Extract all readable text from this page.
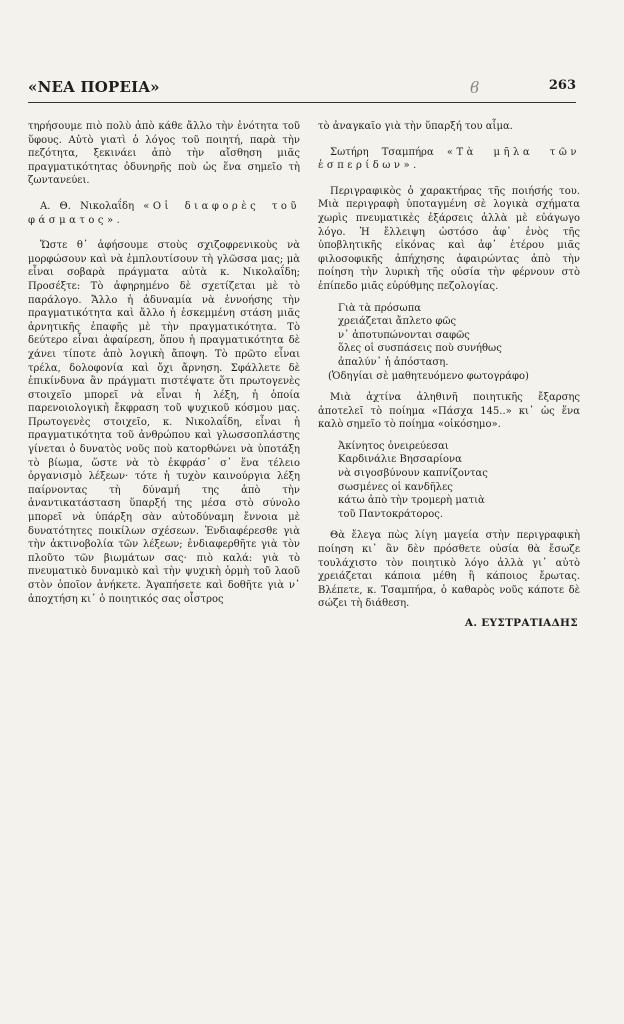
«ΝΕΑ ΠΟΡΕΙΑ»	ϐ	263

τηρήσουμε πιὸ πολὺ ἀπὸ κάθε ἄλλο τὴν ἑνότητα τοῦ ὕφους. Αὐτὸ γιατὶ ὁ λόγος τοῦ ποιητή, παρὰ τὴν πεζότητα, ξεκινάει ἀπὸ τὴν αἴσθηση μιᾶς πραγματικότητας ὀδυνηρῆς ποὺ ὡς ἕνα σημεῖο τὴ ζωντανεύει.

Α. Θ. Νικολαΐδη «Οἱ διαφορὲς τοῦ φάσματος».

Ὥστε θ᾽ ἀφήσουμε στοὺς σχιζοφρενικοὺς νὰ μορφώσουν καὶ νὰ ἐμπλουτίσουν τὴ γλῶσσα μας; μὰ εἶναι σοβαρὰ πράγματα αὐτὰ κ. Νικολαΐδη; Προσέξτε: Τὸ ἀφηρημένο δὲ σχετίζεται μὲ τὸ παράλογο. Ἄλλο ἡ ἀδυναμία νὰ ἐννοήσης τὴν πραγματικότητα καὶ ἄλλο ἡ ἐσκεμμένη στάση μιᾶς ἀρνητικῆς ἐπαφῆς μὲ τὴν πραγματικότητα. Τὸ δεύτερο εἶναι ἀφαίρεση, ὅπου ἡ πραγματικότητα δὲ χάνει τίποτε ἀπὸ λογικὴ ἄποψη. Τὸ πρῶτο εἶναι τρέλα, δολοφονία καὶ ὄχι ἄρνηση. Σφάλλετε δὲ ἐπικίνδυνα ἂν πράγματι πιστέψατε ὅτι πρωτογενὲς στοιχεῖο μπορεῖ νὰ εἶναι ἡ λέξη, ἡ ὁποία παρενοιολογικὴ ἔκφραση τοῦ ψυχικοῦ κόσμου μας. Πρωτογενὲς στοιχεῖο, κ. Νικολαΐδη, εἶναι ἡ πραγματικότητα τοῦ ἀνθρώπου καὶ γλωσσοπλάστης γίνεται ὁ δυνατὸς νοῦς ποὺ κατορθώνει νὰ ὑποτάξη τὸ βίωμα, ὥστε νὰ τὸ ἐκφράσ᾽ σ᾽ ἕνα τέλειο ὀργανισμὸ λέξεων· τότε ἡ τυχὸν καινούργια λέξη παίρνοντας τὴ δύναμή της ἀπὸ τὴν ἀναντικατάσταση ὕπαρξή της μέσα στὸ σύνολο μπορεῖ νὰ ὑπάρξη σὰν αὐτοδύναμη ἔννοια μὲ δυνατότητες ποικίλων σχέσεων. Ἐνδιαφέρεσθε γιὰ τὴν ἀκτινοβολία τῶν λέξεων; ἐνδιαφερθῆτε γιὰ τὸν πλοῦτο τῶν βιωμάτων σας· πιὸ καλά: γιὰ τὸ πνευματικὸ δυναμικὸ καὶ τὴν ψυχικὴ ὁρμὴ τοῦ λαοῦ στὸν ὁποῖον ἀνήκετε. Ἀγαπήσετε καὶ δοθῆτε γιὰ ν᾽ ἀποχτήση κι᾽ ὁ ποιητικός σας οἶστρος

τὸ ἀναγκαῖο γιὰ τὴν ὕπαρξή του αἷμα.

Σωτήρη Τσαμπήρα «Τὰ μῆλα τῶν ἑσπερίδων».

Περιγραφικὸς ὁ χαρακτήρας τῆς ποιήσής του. Μιὰ περιγραφὴ ὑποταγμένη σὲ λογικὰ σχήματα χωρὶς πνευματικὲς ἐξάρσεις ἀλλὰ μὲ εὐάγωγο λόγο. Ἡ ἔλλειψη ὡστόσο ἀφ᾽ ἑνὸς τῆς ὑποβλητικῆς εἰκόνας καὶ ἀφ᾽ ἑτέρου μιᾶς φιλοσοφικῆς ἀπήχησης ἀφαιρώντας ἀπὸ τὴν ποίηση τὴν λυρικὴ τῆς οὐσία τὴν φέρνουν στὸ ἐπίπεδο μιᾶς εὐρύθμης πεζολογίας.

Γιὰ τὰ πρόσωπα
χρειάζεται ἄπλετο φῶς
ν᾽ ἀποτυπώνονται σαφῶς
ὅλες οἱ συσπάσεις ποὺ συνήθως
ἀπαλύν᾽ ἡ ἀπόσταση.
(Ὁδηγίαι σὲ μαθητευόμενο φωτογράφο)

Μιὰ ἀχτίνα ἀληθινῆ ποιητικῆς ἔξαρσης ἀποτελεῖ τὸ ποίημα «Πάσχα 145..» κι᾽ ὡς ἕνα καλὸ σημεῖο τὸ ποίημα «οἰκόσημο».

Ἀκίνητος ὀνειρεύεσαι
Καρδινάλιε Βησσαρίονα
νὰ σιγοσβύνουν καπνίζοντας
σωσμένες οἱ κανδῆλες
κάτω ἀπὸ τὴν τρομερὴ ματιὰ
τοῦ Παντοκράτορος.

Θὰ ἔλεγα πὼς λίγη μαγεία στὴν περιγραφικὴ ποίηση κι᾽ ἂν δὲν πρόσθετε οὐσία θὰ ἔσωζε τουλάχιστο τὸν ποιητικὸ λόγο ἀλλὰ γι᾽ αὐτὸ χρειάζεται κάποια μέθη ἢ κάποιος ἔρωτας. Βλέπετε, κ. Τσαμπήρα, ὁ καθαρὸς νοῦς κάποτε δὲ σώζει τὴ διάθεση.

Α. ΕΥΣΤΡΑΤΙΑΔΗΣ
